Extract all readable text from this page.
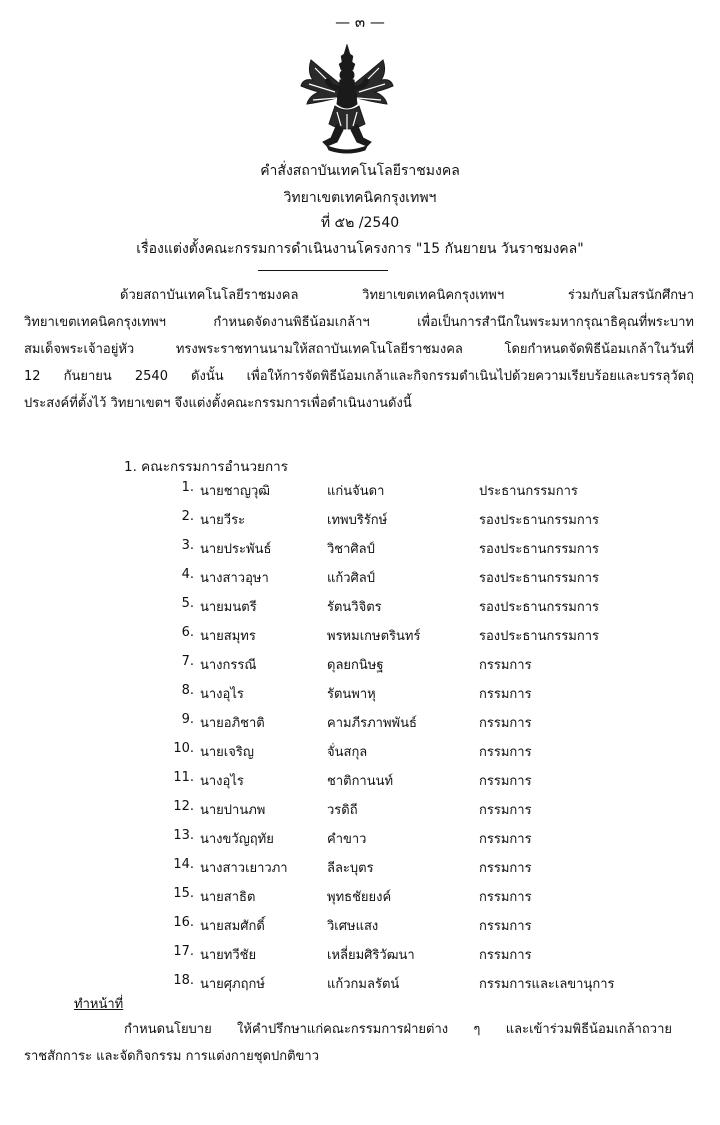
— ๓ —
คำสั่งสถาบันเทคโนโลยีราชมงคล
วิทยาเขตเทคนิคกรุงเทพฯ
ที่ ๕๒ /2540
เรื่องแต่งตั้งคณะกรรมการดำเนินงานโครงการ "15 กันยายน วันราชมงคล"
ด้วยสถาบันเทคโนโลยีราชมงคล วิทยาเขตเทคนิคกรุงเทพฯ ร่วมกับสโมสรนักศึกษา
วิทยาเขตเทคนิคกรุงเทพฯ กำหนดจัดงานพิธีน้อมเกล้าฯ เพื่อเป็นการสำนึกในพระมหากรุณาธิคุณที่พระบาท
สมเด็จพระเจ้าอยู่หัว ทรงพระราชทานนามให้สถาบันเทคโนโลยีราชมงคล โดยกำหนดจัดพิธีน้อมเกล้าในวันที่
12 กันยายน 2540 ดังนั้น เพื่อให้การจัดพิธีน้อมเกล้าและกิจกรรมดำเนินไปด้วยความเรียบร้อยและบรรลุวัตถุ
ประสงค์ที่ตั้งไว้ วิทยาเขตฯ จึงแต่งตั้งคณะกรรมการเพื่อดำเนินงานดังนี้
1. คณะกรรมการอำนวยการ
1. นายชาญวุฒิ	แก่นจันดา	ประธานกรรมการ
2. นายวีระ	เทพบริรักษ์	รองประธานกรรมการ
3. นายประพันธ์	วิชาศิลป์	รองประธานกรรมการ
4. นางสาวอุษา	แก้วศิลป์	รองประธานกรรมการ
5. นายมนตรี	รัตนวิจิตร	รองประธานกรรมการ
6. นายสมุทร	พรหมเกษตรินทร์	รองประธานกรรมการ
7. นางกรรณี	ดุลยกนิษฐ	กรรมการ
8. นางอุไร	รัตนพาหุ	กรรมการ
9. นายอภิชาติ	คามภีรภาพพันธ์	กรรมการ
10. นายเจริญ	จั่นสกุล	กรรมการ
11. นางอุไร	ชาติกานนท์	กรรมการ
12. นายปานภพ	วรดิถี	กรรมการ
13. นางขวัญฤทัย	คำขาว	กรรมการ
14. นางสาวเยาวภา	ลีละบุตร	กรรมการ
15. นายสาธิต	พุทธชัยยงค์	กรรมการ
16. นายสมศักดิ์	วิเศษแสง	กรรมการ
17. นายทวีชัย	เหลี่ยมศิริวัฒนา	กรรมการ
18. นายศุภฤกษ์	แก้วกมลรัตน์	กรรมการและเลขานุการ
ทำหน้าที่
กำหนดนโยบาย ให้คำปรึกษาแก่คณะกรรมการฝ่ายต่าง ๆ และเข้าร่วมพิธีน้อมเกล้าถวาย
ราชสักการะ และจัดกิจกรรม การแต่งกายชุดปกติขาว
